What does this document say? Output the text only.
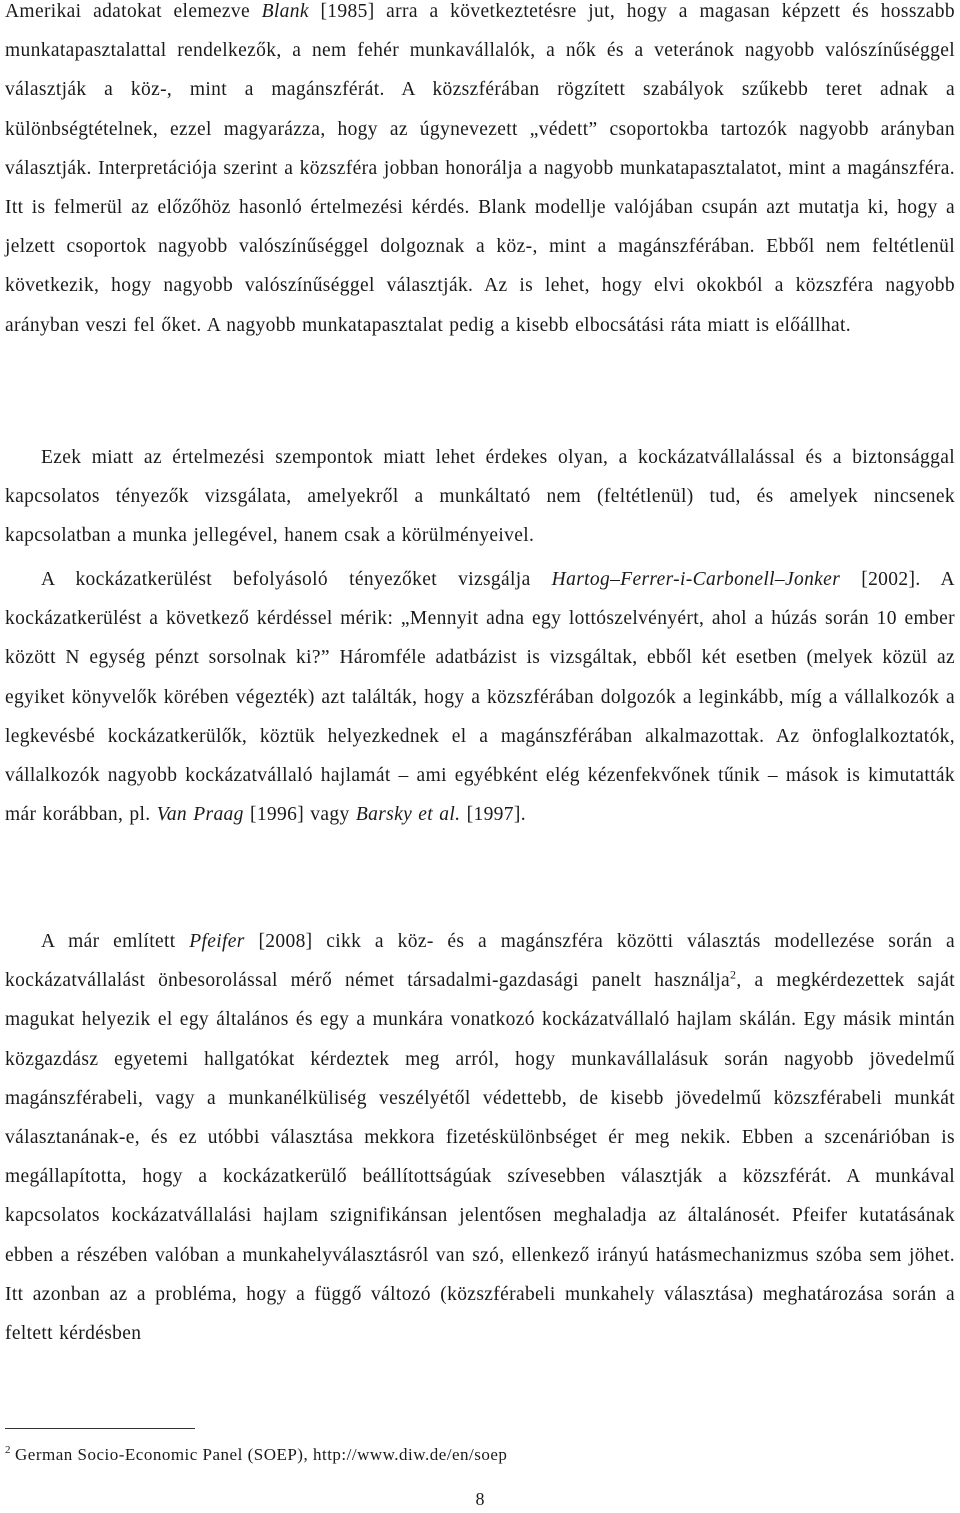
Amerikai adatokat elemezve Blank [1985] arra a következtetésre jut, hogy a magasan képzett és hosszabb munkatapasztalattal rendelkezők, a nem fehér munkavállalók, a nők és a veteránok nagyobb valószínűséggel választják a köz-, mint a magánszférát. A közszférában rögzített szabályok szűkebb teret adnak a különbségtételnek, ezzel magyarázza, hogy az úgynevezett „védett” csoportokba tartozók nagyobb arányban választják. Interpretációja szerint a közszféra jobban honorálja a nagyobb munkatapasztalatot, mint a magánszféra. Itt is felmerül az előzőhöz hasonló értelmezési kérdés. Blank modellje valójában csupán azt mutatja ki, hogy a jelzett csoportok nagyobb valószínűséggel dolgoznak a köz-, mint a magánszférában. Ebből nem feltétlenül következik, hogy nagyobb valószínűséggel választják. Az is lehet, hogy elvi okokból a közszféra nagyobb arányban veszi fel őket. A nagyobb munkatapasztalat pedig a kisebb elbocsátási ráta miatt is előállhat.

Ezek miatt az értelmezési szempontok miatt lehet érdekes olyan, a kockázatvállalással és a biztonsággal kapcsolatos tényezők vizsgálata, amelyekről a munkáltató nem (feltétlenül) tud, és amelyek nincsenek kapcsolatban a munka jellegével, hanem csak a körülményeivel.

A kockázatkerülést befolyásoló tényezőket vizsgálja Hartog–Ferrer-i-Carbonell–Jonker [2002]. A kockázatkerülést a következő kérdéssel mérik: „Mennyit adna egy lottószelvényért, ahol a húzás során 10 ember között N egység pénzt sorsolnak ki?” Háromféle adatbázist is vizsgáltak, ebből két esetben (melyek közül az egyiket könyvelők körében végezték) azt találták, hogy a közszférában dolgozók a leginkább, míg a vállalkozók a legkevésbé kockázatkerülők, köztük helyezkednek el a magánszférában alkalmazottak. Az önfoglalkoztatók, vállalkozók nagyobb kockázatvállaló hajlamát – ami egyébként elég kézenfekvőnek tűnik – mások is kimutatták már korábban, pl. Van Praag [1996] vagy Barsky et al. [1997].

A már említett Pfeifer [2008] cikk a köz- és a magánszféra közötti választás modellezése során a kockázatvállalást önbesorolással mérő német társadalmi-gazdasági panelt használja$^2$, a megkérdezettek saját magukat helyezik el egy általános és egy a munkára vonatkozó kockázatvállaló hajlam skálán. Egy másik mintán közgazdász egyetemi hallgatókat kérdeztek meg arról, hogy munkavállalásuk során nagyobb jövedelmű magánszférabeli, vagy a munkanélküliség veszélyétől védettebb, de kisebb jövedelmű közszférabeli munkát választanának-e, és ez utóbbi választása mekkora fizetéskülönbséget ér meg nekik. Ebben a szcenárióban is megállapította, hogy a kockázatkerülő beállítottságúak szívesebben választják a közszférát. A munkával kapcsolatos kockázatvállalási hajlam szignifikánsan jelentősen meghaladja az általánosét. Pfeifer kutatásának ebben a részében valóban a munkahelyválasztásról van szó, ellenkező irányú hatásmechanizmus szóba sem jöhet. Itt azonban az a probléma, hogy a függő változó (közszférabeli munkahely választása) meghatározása során a feltett kérdésben

$^2$ German Socio-Economic Panel (SOEP), http://www.diw.de/en/soep
8
